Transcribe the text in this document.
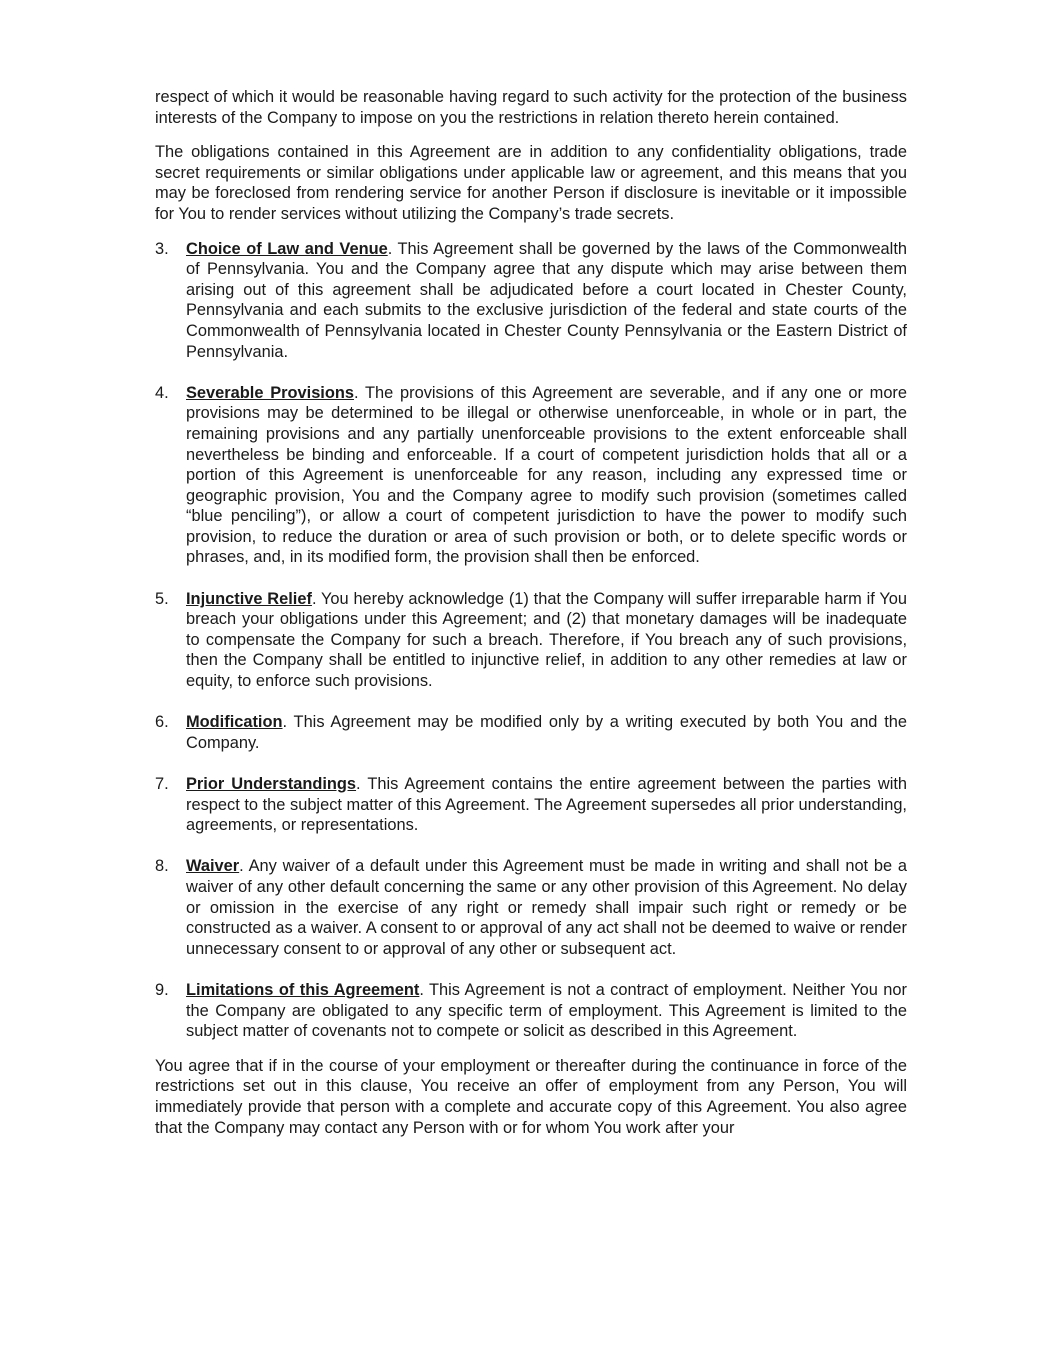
respect of which it would be reasonable having regard to such activity for the protection of the business interests of the Company to impose on you the restrictions in relation thereto herein contained.
The obligations contained in this Agreement are in addition to any confidentiality obligations, trade secret requirements or similar obligations under applicable law or agreement, and this means that you may be foreclosed from rendering service for another Person if disclosure is inevitable or it impossible for You to render services without utilizing the Company’s trade secrets.
3. Choice of Law and Venue. This Agreement shall be governed by the laws of the Commonwealth of Pennsylvania. You and the Company agree that any dispute which may arise between them arising out of this agreement shall be adjudicated before a court located in Chester County, Pennsylvania and each submits to the exclusive jurisdiction of the federal and state courts of the Commonwealth of Pennsylvania located in Chester County Pennsylvania or the Eastern District of Pennsylvania.
4. Severable Provisions. The provisions of this Agreement are severable, and if any one or more provisions may be determined to be illegal or otherwise unenforceable, in whole or in part, the remaining provisions and any partially unenforceable provisions to the extent enforceable shall nevertheless be binding and enforceable. If a court of competent jurisdiction holds that all or a portion of this Agreement is unenforceable for any reason, including any expressed time or geographic provision, You and the Company agree to modify such provision (sometimes called “blue penciling”), or allow a court of competent jurisdiction to have the power to modify such provision, to reduce the duration or area of such provision or both, or to delete specific words or phrases, and, in its modified form, the provision shall then be enforced.
5. Injunctive Relief. You hereby acknowledge (1) that the Company will suffer irreparable harm if You breach your obligations under this Agreement; and (2) that monetary damages will be inadequate to compensate the Company for such a breach. Therefore, if You breach any of such provisions, then the Company shall be entitled to injunctive relief, in addition to any other remedies at law or equity, to enforce such provisions.
6. Modification. This Agreement may be modified only by a writing executed by both You and the Company.
7. Prior Understandings. This Agreement contains the entire agreement between the parties with respect to the subject matter of this Agreement. The Agreement supersedes all prior understanding, agreements, or representations.
8. Waiver. Any waiver of a default under this Agreement must be made in writing and shall not be a waiver of any other default concerning the same or any other provision of this Agreement. No delay or omission in the exercise of any right or remedy shall impair such right or remedy or be constructed as a waiver. A consent to or approval of any act shall not be deemed to waive or render unnecessary consent to or approval of any other or subsequent act.
9. Limitations of this Agreement. This Agreement is not a contract of employment. Neither You nor the Company are obligated to any specific term of employment. This Agreement is limited to the subject matter of covenants not to compete or solicit as described in this Agreement.
You agree that if in the course of your employment or thereafter during the continuance in force of the restrictions set out in this clause, You receive an offer of employment from any Person, You will immediately provide that person with a complete and accurate copy of this Agreement. You also agree that the Company may contact any Person with or for whom You work after your
